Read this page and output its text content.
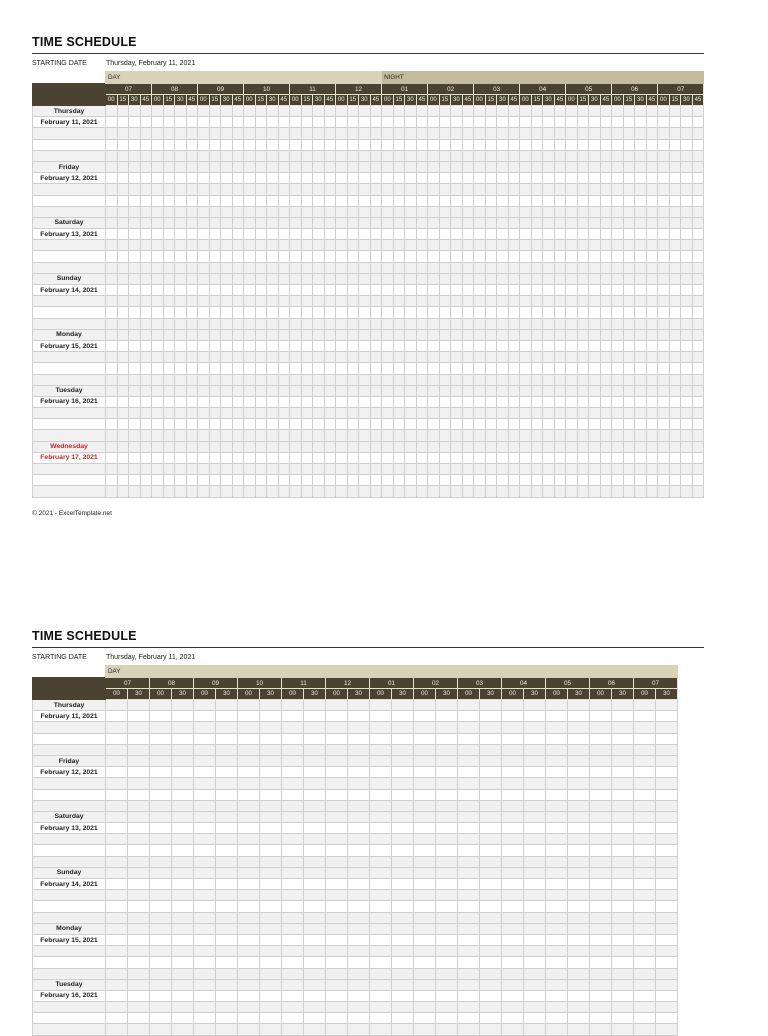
TIME SCHEDULE
STARTING DATE	Thursday, February 11, 2021
	DAY																								NIGHT																											
	07				08				09				10				11				12				01				02				03				04				05				06				07			
	00	15	30	45	00	15	30	45	00	15	30	45	00	15	30	45	00	15	30	45	00	15	30	45	00	15	30	45	00	15	30	45	00	15	30	45	00	15	30	45	00	15	30	45	00	15	30	45	00	15	30	45
Thursday																																																				
February 11, 2021																																																				

Friday																																																				
February 12, 2021																																																				

Saturday																																																				
February 13, 2021																																																				

Sunday																																																				
February 14, 2021																																																				

Monday																																																				
February 15, 2021																																																				

Tuesday																																																				
February 16, 2021																																																				

Wednesday																																																				
February 17, 2021																																																				

© 2021 - ExcelTemplate.net
TIME SCHEDULE
STARTING DATE	Thursday, February 11, 2021
	DAY																									
	07		08		09		10		11		12		01		02		03		04		05		06		07	
	00	30	00	30	00	30	00	30	00	30	00	30	00	30	00	30	00	30	00	30	00	30	00	30	00	30
Thursday																										
February 11, 2021																										

Friday																										
February 12, 2021																										

Saturday																										
February 13, 2021																										

Sunday																										
February 14, 2021																										

Monday																										
February 15, 2021																										

Tuesday																										
February 16, 2021																										
